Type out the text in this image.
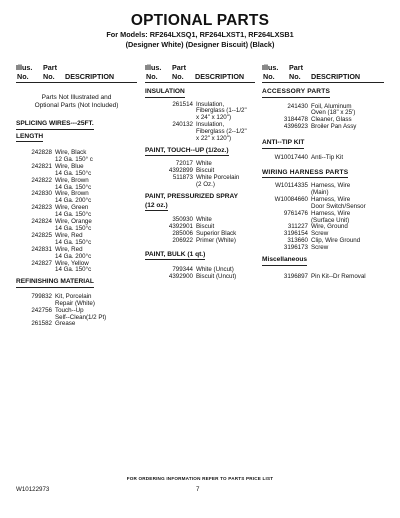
OPTIONAL PARTS
For Models: RF264LXSQ1, RF264LXST1, RF264LXSB1
(Designer White) (Designer Biscuit) (Black)
Illus.
No.
Part
No. DESCRIPTION
Illus.
No.
Part
No. DESCRIPTION
Illus.
No.
Part
No. DESCRIPTION
Parts Not Illustrated and
Optional Parts (Not Included)
SPLICING WIRES---25FT.

LENGTH
242828 Wire, Black
12 Ga. 150° c
242821 Wire, Blue
14 Ga. 150°c
242822 Wire, Brown
14 Ga. 150°c
242830 Wire, Brown
14 Ga. 200°c
242823 Wire, Green
14 Ga. 150°c
242824 Wire, Orange
14 Ga. 150°c
242825 Wire, Red
14 Ga. 150°c
242831 Wire, Red
14 Ga. 200°c
242827 Wire, Yellow
14 Ga. 150°c
REFINISHING MATERIAL
799832 Kit, Porcelain
Repair (White)
242756 Touch--Up
Self--Clean(1/2 Pt)
261582 Grease
INSULATION
261514 Insulation,
Fiberglass (1--1/2"
x 24" x 120")
240132 Insulation,
Fiberglass (2--1/2"
x 22" x 120")
PAINT, TOUCH--UP (1/2oz.)
72017 White
4392899 Biscuit
511873 White Porcelain
(2 Oz.)
PAINT, PRESSURIZED SPRAY
(12 oz.)
350930 White
4392901 Biscuit
285006 Superior Black
206922 Primer (White)
PAINT, BULK (1 qt.)
799344 White (Uncut)
4392900 Biscuit (Uncut)
ACCESSORY PARTS
241430 Foil, Aluminum
Oven (18" x 25')
3184478 Cleaner, Glass
4396923 Broiler Pan Assy
ANTI--TIP KIT
W10017440 Anti--Tip Kit
WIRING HARNESS PARTS
W10114335 Harness, Wire
(Main)
W10084660 Harness, Wire
Door Switch/Sensor
9761476 Harness, Wire
(Surface Unit)
311227 Wire, Ground
3196154 Screw
313660 Clip, Wire Ground
3196173 Screw
Miscellaneous
3196897 Pin Kit--Dr Removal
FOR ORDERING INFORMATION REFER TO PARTS PRICE LIST
W10122973	7
